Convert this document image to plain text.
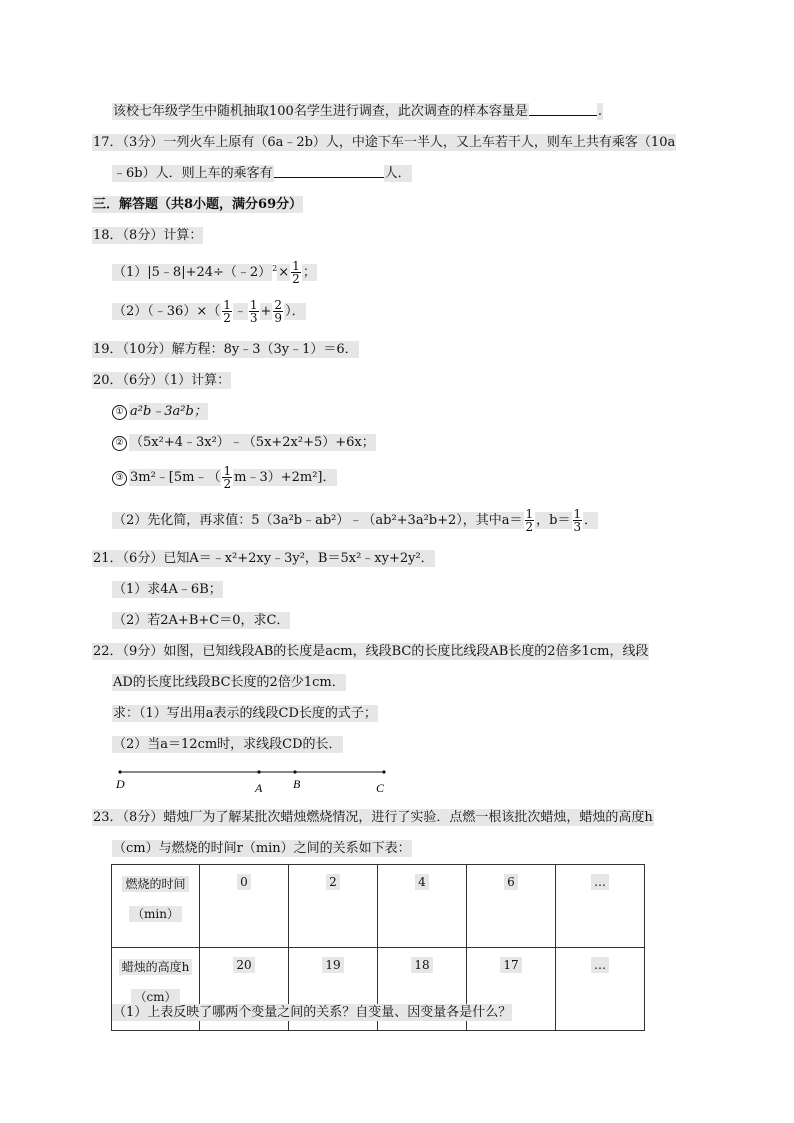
该校七年级学生中随机抽取100名学生进行调查，此次调查的样本容量是	.
17．（3分）一列火车上原有（6a﹣2b）人，中途下车一半人，又上车若干人，则车上共有乘客（10a
﹣6b）人．则上车的乘客有	人．
三．解答题（共8小题，满分69分）
18．（8分）计算：
（1）|5﹣8|+24÷（﹣2）$^2$× $\frac{1}{2}$ ；
（2）（﹣36）×（ $\frac{1}{2}$ ﹣ $\frac{1}{3} + \frac{2}{9}$ ）．
19．（10分）解方程：8y﹣3（3y﹣1）＝6．
20．（6分）（1）计算：
① a²b﹣3a²b；
② （5x²+4﹣3x²）﹣（5x+2x²+5）+6x；
③ 3m²﹣[5m﹣（ $\frac{1}{2}$ m﹣3）+2m²]．
（2）先化简，再求值：5（3a²b﹣ab²）﹣（ab²+3a²b+2），其中$a= \frac{1}{2}$ ，$b= \frac{1}{3}$ ．
21．（6分）已知A＝﹣x²+2xy﹣3y²，B＝5x²﹣xy+2y²．
（1）求4A﹣6B；
（2）若2A+B+C＝0，求C．
22．（9分）如图，已知线段AB的长度是acm，线段BC的长度比线段AB长度的2倍多1cm，线段
AD的长度比线段BC长度的2倍少1cm．
求：（1）写出用a表示的线段CD长度的式子；
（2）当a＝12cm时，求线段CD的长．
D	A	B	C
23．（8分）蜡烛厂为了解某批次蜡烛燃烧情况，进行了实验．点燃一根该批次蜡烛，蜡烛的高度h
（cm）与燃烧的时间r（min）之间的关系如下表：
燃烧的时间
（min）	0	2	4	6	…
蜡烛的高度h
（cm）	20	19	18	17	…
（1）上表反映了哪两个变量之间的关系？自变量、因变量各是什么？
